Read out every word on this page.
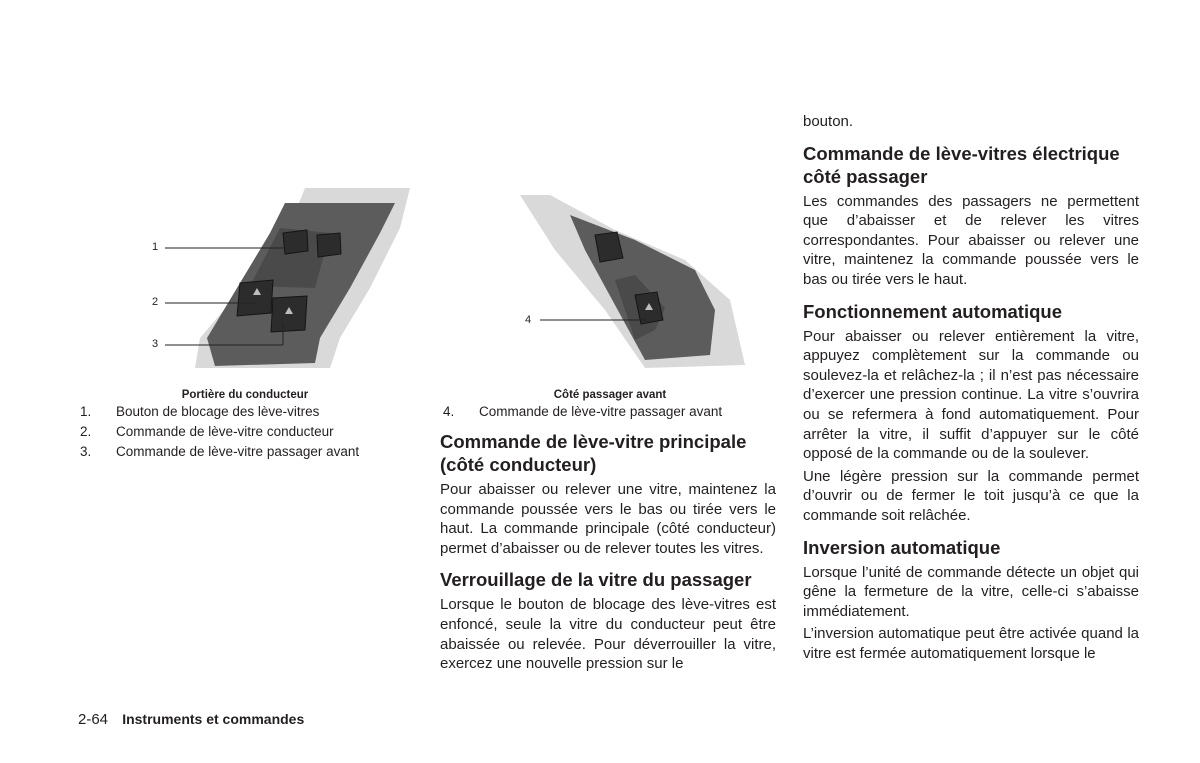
1
2
3
Portière du conducteur
1.	Bouton de blocage des lève-vitres
2.	Commande de lève-vitre conducteur
3.	Commande de lève-vitre passager avant
4
Côté passager avant
4.	Commande de lève-vitre passager avant
Commande de lève-vitre principale (côté conducteur)

Pour abaisser ou relever une vitre, maintenez la commande poussée vers le bas ou tirée vers le haut. La commande principale (côté conducteur) permet d’abaisser ou de relever toutes les vitres.

Verrouillage de la vitre du passager

Lorsque le bouton de blocage des lève-vitres est enfoncé, seule la vitre du conducteur peut être abaissée ou relevée. Pour déverrouiller la vitre, exercez une nouvelle pression sur le

bouton.

Commande de lève-vitres électrique côté passager

Les commandes des passagers ne permettent que d’abaisser et de relever les vitres correspondantes. Pour abaisser ou relever une vitre, maintenez la commande poussée vers le bas ou tirée vers le haut.

Fonctionnement automatique

Pour abaisser ou relever entièrement la vitre, appuyez complètement sur la commande ou soulevez-la et relâchez-la ; il n’est pas nécessaire d’exercer une pression continue. La vitre s’ouvrira ou se refermera à fond automatiquement. Pour arrêter la vitre, il suffit d’appuyer sur le côté opposé de la commande ou de la soulever.

Une légère pression sur la commande permet d’ouvrir ou de fermer le toit jusqu’à ce que la commande soit relâchée.

Inversion automatique

Lorsque l’unité de commande détecte un objet qui gêne la fermeture de la vitre, celle-ci s’abaisse immédiatement.

L’inversion automatique peut être activée quand la vitre est fermée automatiquement lorsque le

2-64 Instruments et commandes
